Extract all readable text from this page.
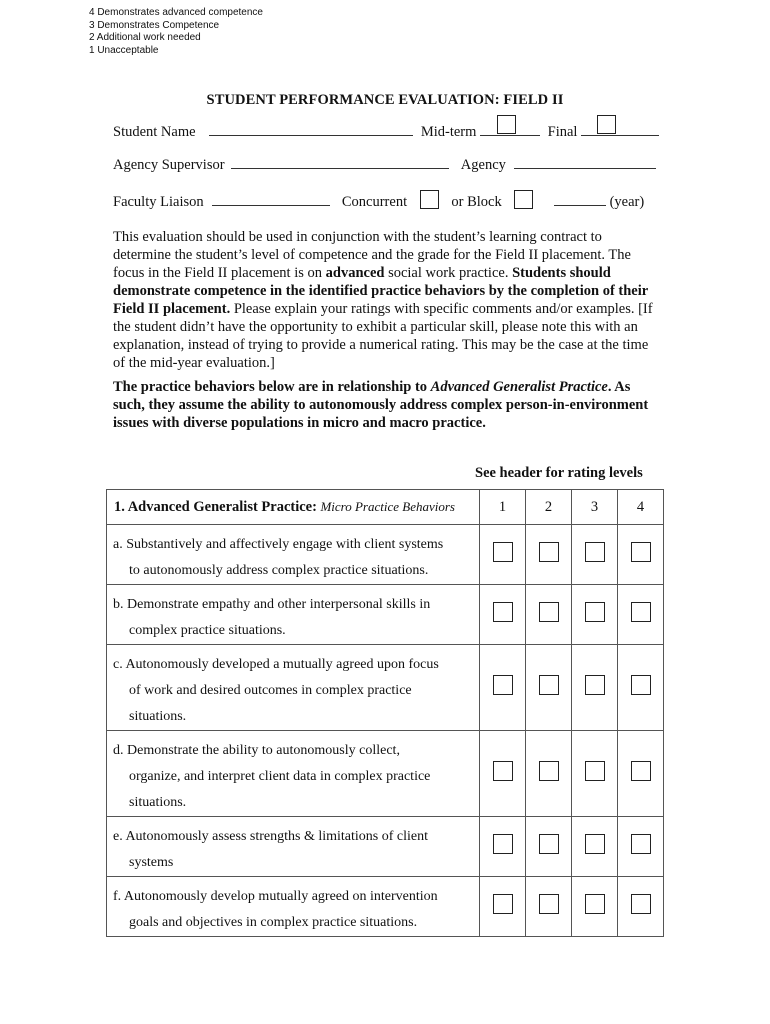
4 Demonstrates advanced competence
3 Demonstrates Competence
2 Additional work needed
1 Unacceptable
STUDENT PERFORMANCE EVALUATION: FIELD II
Student Name	Mid-term	Final
Agency Supervisor	Agency
Faculty Liaison	Concurrent	or Block	(year)
This evaluation should be used in conjunction with the student’s learning contract to determine the student’s level of competence and the grade for the Field II placement. The focus in the Field II placement is on advanced social work practice. Students should demonstrate competence in the identified practice behaviors by the completion of their Field II placement. Please explain your ratings with specific comments and/or examples. [If the student didn’t have the opportunity to exhibit a particular skill, please note this with an explanation, instead of trying to provide a numerical rating. This may be the case at the time of the mid-year evaluation.]
The practice behaviors below are in relationship to Advanced Generalist Practice. As such, they assume the ability to autonomously address complex person-in-environment issues with diverse populations in micro and macro practice.
See header for rating levels
1. Advanced Generalist Practice: Micro Practice Behaviors	1	2	3	4
a. Substantively and affectively engage with client systems
to autonomously address complex practice situations.				

b. Demonstrate empathy and other interpersonal skills in
complex practice situations.				

c. Autonomously developed a mutually agreed upon focus
of work and desired outcomes in complex practice
situations.				

d. Demonstrate the ability to autonomously collect,
organize, and interpret client data in complex practice
situations.				

e. Autonomously assess strengths & limitations of client
systems				

f. Autonomously develop mutually agreed on intervention
goals and objectives in complex practice situations.				
